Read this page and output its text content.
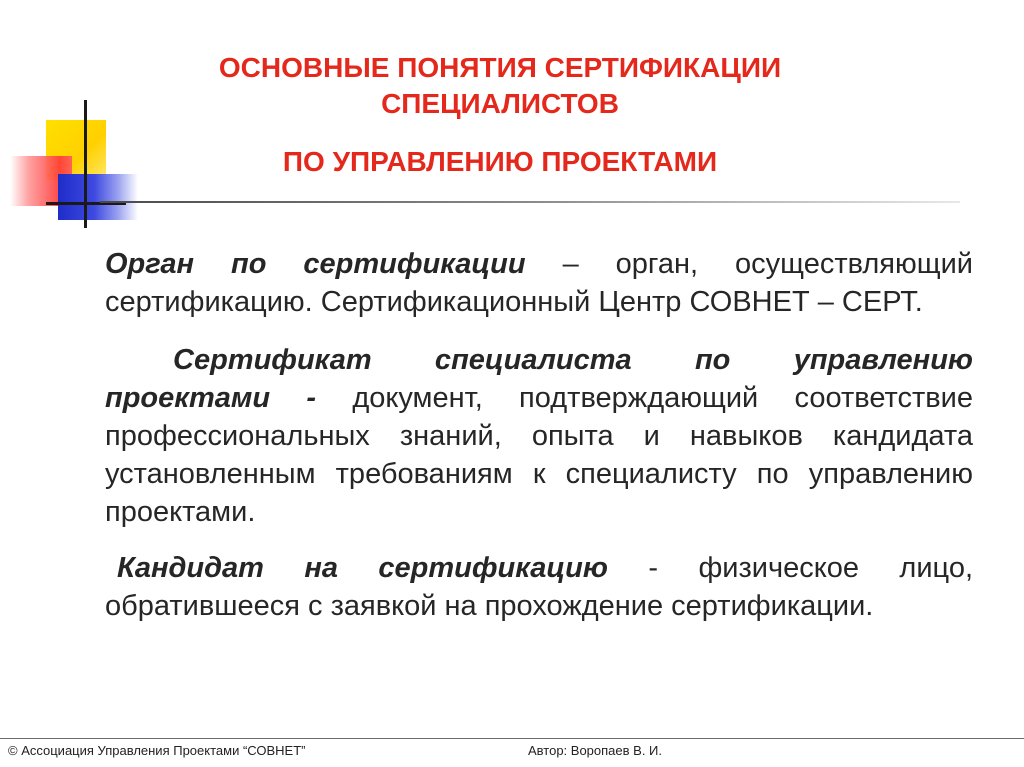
ОСНОВНЫЕ ПОНЯТИЯ СЕРТИФИКАЦИИ
СПЕЦИАЛИСТОВ
ПО УПРАВЛЕНИЮ ПРОЕКТАМИ

Орган по сертификации – орган, осуществляющий сертификацию. Сертификационный Центр СОВНЕТ – СЕРТ.

Сертификат специалиста по управлению проектами - документ, подтверждающий соответствие профессиональных знаний, опыта и навыков кандидата установленным требованиям к специалисту по управлению проектами.

Кандидат на сертификацию - физическое лицо, обратившееся с заявкой на прохождение сертификации.

© Ассоциация Управления Проектами “СОВНЕТ”	Автор: Воропаев В. И.
